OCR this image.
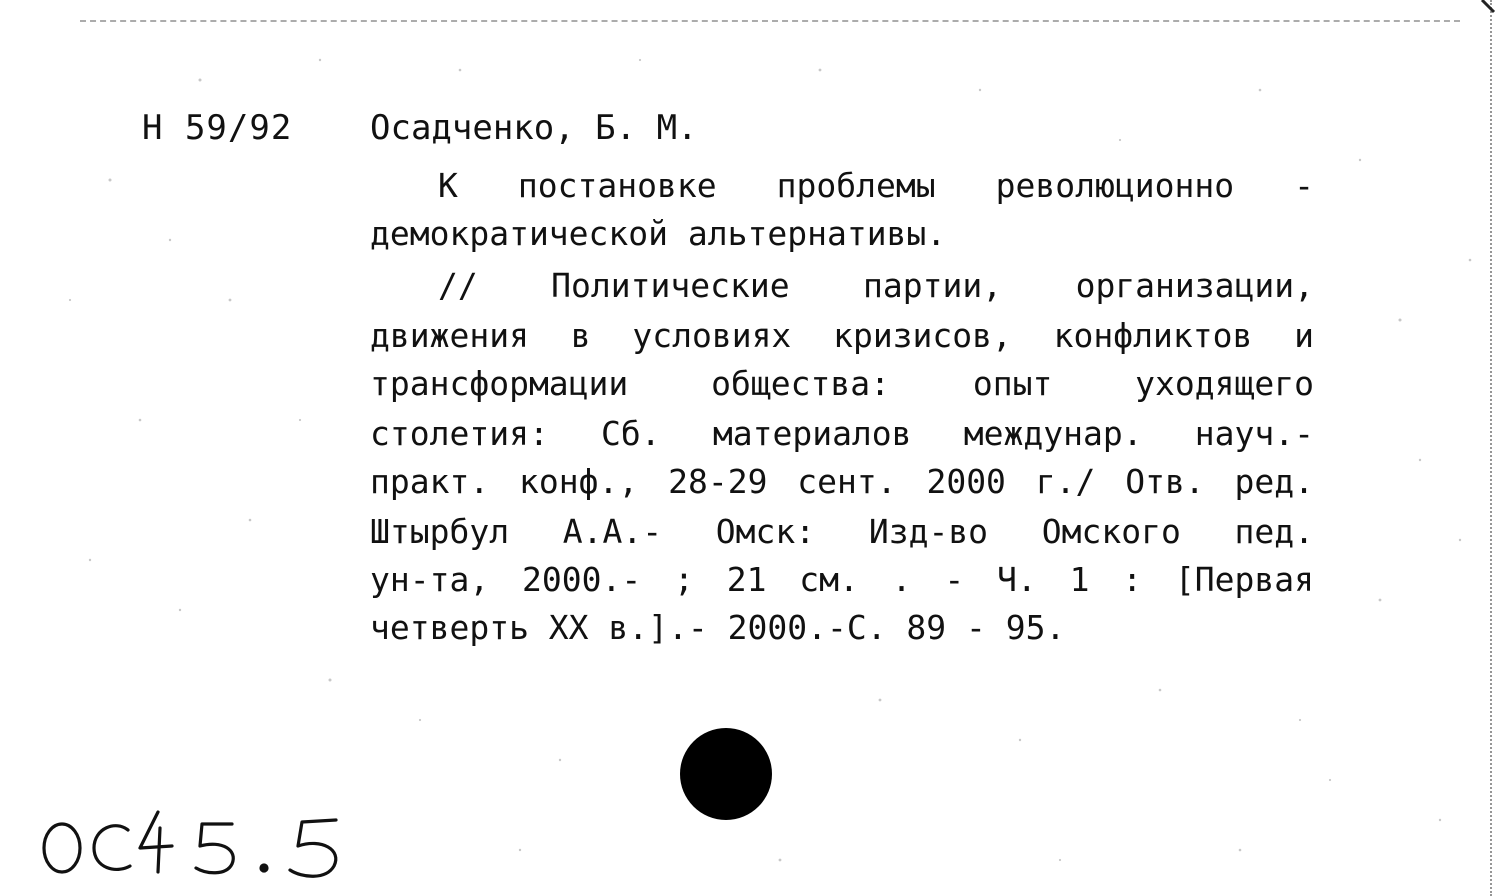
Н 59/92 Осадченко, Б. М.
К постановке проблемы революционно -
демократической альтернативы.
// Политические партии, организации,
движения в условиях кризисов, конфликтов и
трансформации общества: опыт уходящего
столетия: Сб. материалов междунар. науч.-
практ. конф., 28-29 сент. 2000 г./ Отв. ред.
Штырбул А.А.- Омск: Изд-во Омского пед.
ун-та, 2000.- ; 21 см. . - Ч. 1 : [Первая
четверть XX в.].- 2000.-С. 89 - 95.
